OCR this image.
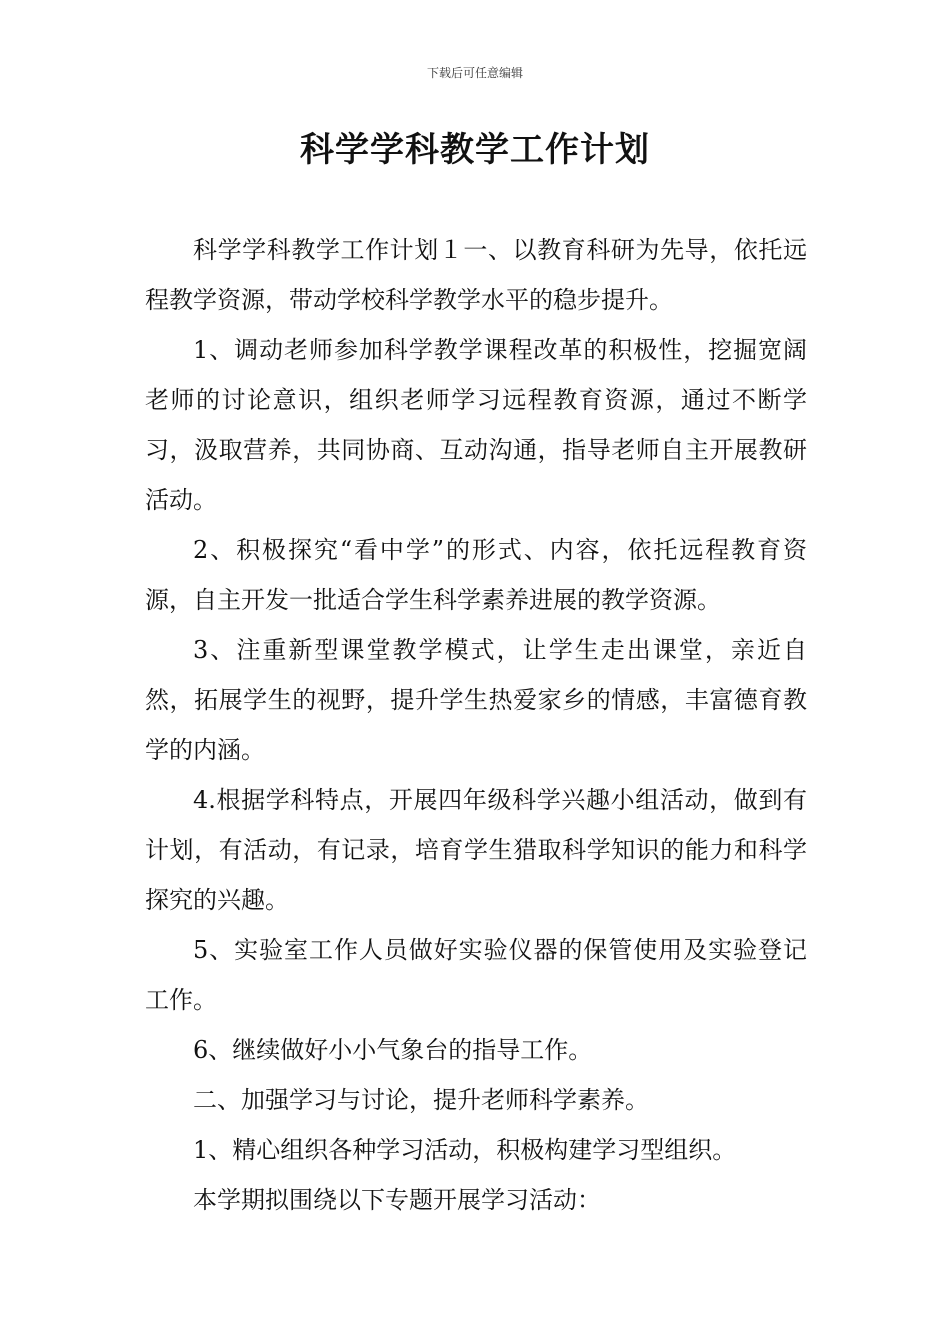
下载后可任意编辑
科学学科教学工作计划

科学学科教学工作计划１一、以教育科研为先导，依托远程教学资源，带动学校科学教学水平的稳步提升。

1、调动老师参加科学教学课程改革的积极性，挖掘宽阔老师的讨论意识，组织老师学习远程教育资源，通过不断学习，汲取营养，共同协商、互动沟通，指导老师自主开展教研活动。

2、积极探究“看中学”的形式、内容，依托远程教育资源，自主开发一批适合学生科学素养进展的教学资源。

3、注重新型课堂教学模式，让学生走出课堂，亲近自然，拓展学生的视野，提升学生热爱家乡的情感，丰富德育教学的内涵。

4.根据学科特点，开展四年级科学兴趣小组活动，做到有计划，有活动，有记录，培育学生猎取科学知识的能力和科学探究的兴趣。

5、实验室工作人员做好实验仪器的保管使用及实验登记工作。

6、继续做好小小气象台的指导工作。

二、加强学习与讨论，提升老师科学素养。

1、精心组织各种学习活动，积极构建学习型组织。

本学期拟围绕以下专题开展学习活动：
